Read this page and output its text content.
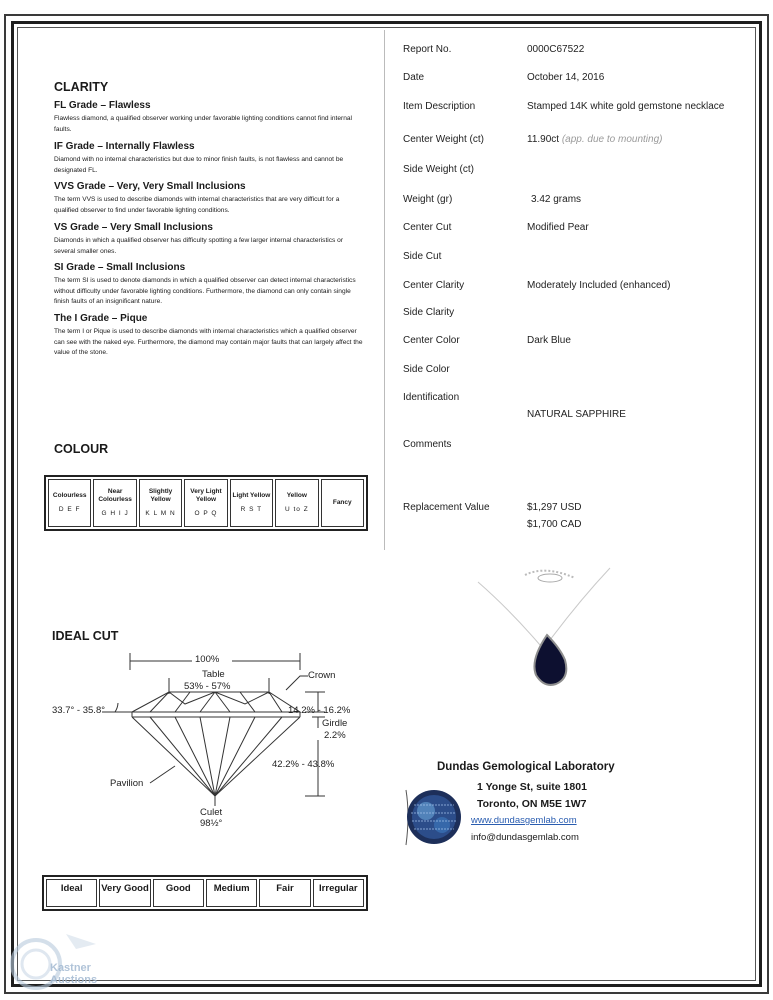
CLARITY

FL Grade – Flawless

Flawless diamond, a qualified observer working under favorable lighting conditions cannot find internal faults.

IF Grade – Internally Flawless

Diamond with no internal characteristics but due to minor finish faults, is not flawless and cannot be designated FL.

VVS Grade – Very, Very Small Inclusions

The term VVS is used to describe diamonds with internal characteristics that are very difficult for a qualified observer to find under favorable lighting conditions.

VS Grade – Very Small Inclusions

Diamonds in which a qualified observer has difficulty spotting a few larger internal characteristics or several smaller ones.

SI Grade – Small Inclusions

The term SI is used to denote diamonds in which a qualified observer can detect internal characteristics without difficulty under favorable lighting conditions. Furthermore, the diamond can only contain single finish faults of an insignificant nature.

The I Grade – Pique

The term I or Pique is used to describe diamonds with internal characteristics which a qualified observer can see with the naked eye. Furthermore, the diamond may contain major faults that can largely affect the value of the stone.

COLOUR
Colourless
D E F
Near Colourless
G H I J
Slightly Yellow
K L M N
Very Light Yellow
O P Q
Light Yellow
R S T
Yellow
U to Z
Fancy
IDEAL CUT
100%
Table
53% - 57%
Crown
33.7° - 35.8°	14.2% - 16.2%
Girdle
2.2%
42.2% - 43.8%
Pavilion
Culet
98½°
Ideal	Very Good	Good	Medium	Fair	Irregular
Report No.	0000C67522
Date	October 14, 2016
Item Description	Stamped 14K white gold gemstone necklace
Center Weight (ct)	11.90ct (app. due to mounting)
Side Weight (ct)
Weight (gr)	3.42 grams
Center Cut	Modified Pear
Side Cut
Center Clarity	Moderately Included (enhanced)
Side Clarity
Center Color	Dark Blue
Side Color
Identification
NATURAL SAPPHIRE
Comments
Replacement Value	$1,297 USD
$1,700 CAD
Dundas Gemological Laboratory
1 Yonge St, suite 1801
Toronto, ON M5E 1W7
www.dundasgemlab.com
info@dundasgemlab.com
Kastner
Auctions
